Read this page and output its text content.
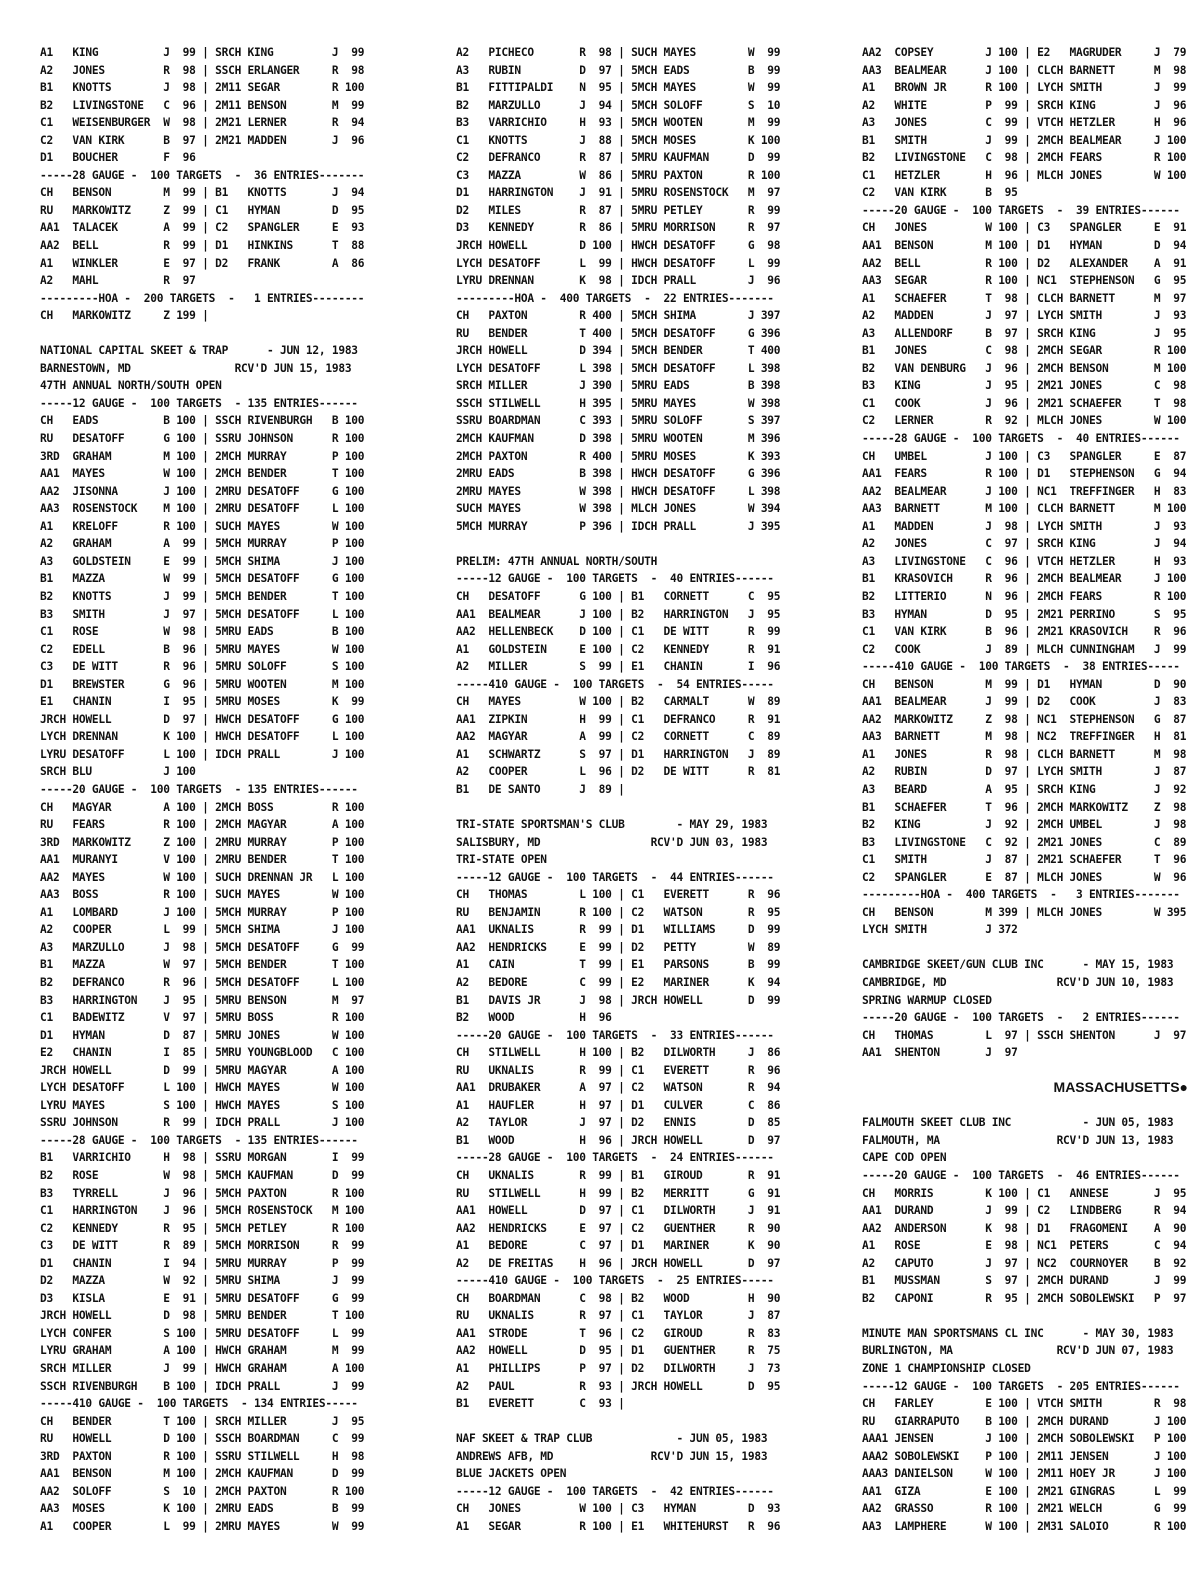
A1   KING          J  99 | SRCH KING         J  99
A2   JONES         R  98 | SSCH ERLANGER     R  98
B1   KNOTTS        J  98 | 2M11 SEGAR        R 100
B2   LIVINGSTONE   C  96 | 2M11 BENSON       M  99
C1   WEISENBURGER  W  98 | 2M21 LERNER       R  94
C2   VAN KIRK      B  97 | 2M21 MADDEN       J  96
D1   BOUCHER       F  96
-----28 GAUGE -  100 TARGETS  -  36 ENTRIES-------
CH   BENSON        M  99 | B1   KNOTTS       J  94
RU   MARKOWITZ     Z  99 | C1   HYMAN        D  95
AA1  TALACEK       A  99 | C2   SPANGLER     E  93
AA2  BELL          R  99 | D1   HINKINS      T  88
A1   WINKLER       E  97 | D2   FRANK        A  86
A2   MAHL          R  97
---------HOA -  200 TARGETS  -   1 ENTRIES--------
CH   MARKOWITZ     Z 199 |
NATIONAL CAPITAL SKEET & TRAP      - JUN 12, 1983
BARNESTOWN, MD                RCV'D JUN 15, 1983
47TH ANNUAL NORTH/SOUTH OPEN
-----12 GAUGE -  100 TARGETS  - 135 ENTRIES------
CH   EADS          B 100 | SSCH RIVENBURGH   B 100
RU   DESATOFF      G 100 | SSRU JOHNSON      R 100
3RD  GRAHAM        M 100 | 2MCH MURRAY       P 100
AA1  MAYES         W 100 | 2MCH BENDER       T 100
AA2  JISONNA       J 100 | 2MRU DESATOFF     G 100
AA3  ROSENSTOCK    M 100 | 2MRU DESATOFF     L 100
A1   KRELOFF       R 100 | SUCH MAYES        W 100
A2   GRAHAM        A  99 | 5MCH MURRAY       P 100
A3   GOLDSTEIN     E  99 | 5MCH SHIMA        J 100
B1   MAZZA         W  99 | 5MCH DESATOFF     G 100
B2   KNOTTS        J  99 | 5MCH BENDER       T 100
B3   SMITH         J  97 | 5MCH DESATOFF     L 100
C1   ROSE          W  98 | 5MRU EADS         B 100
C2   EDELL         B  96 | 5MRU MAYES        W 100
C3   DE WITT       R  96 | 5MRU SOLOFF       S 100
D1   BREWSTER      G  96 | 5MRU WOOTEN       M 100
E1   CHANIN        I  95 | 5MRU MOSES        K  99
JRCH HOWELL        D  97 | HWCH DESATOFF     G 100
LYCH DRENNAN       K 100 | HWCH DESATOFF     L 100
LYRU DESATOFF      L 100 | IDCH PRALL        J 100
SRCH BLU           J 100
-----20 GAUGE -  100 TARGETS  - 135 ENTRIES------
CH   MAGYAR        A 100 | 2MCH BOSS         R 100
RU   FEARS         R 100 | 2MCH MAGYAR       A 100
3RD  MARKOWITZ     Z 100 | 2MRU MURRAY       P 100
AA1  MURANYI       V 100 | 2MRU BENDER       T 100
AA2  MAYES         W 100 | SUCH DRENNAN JR   L 100
AA3  BOSS          R 100 | SUCH MAYES        W 100
A1   LOMBARD       J 100 | 5MCH MURRAY       P 100
A2   COOPER        L  99 | 5MCH SHIMA        J 100
A3   MARZULLO      J  98 | 5MCH DESATOFF     G  99
B1   MAZZA         W  97 | 5MCH BENDER       T 100
B2   DEFRANCO      R  96 | 5MCH DESATOFF     L 100
B3   HARRINGTON    J  95 | 5MRU BENSON       M  97
C1   BADEWITZ      V  97 | 5MRU BOSS         R 100
D1   HYMAN         D  87 | 5MRU JONES        W 100
E2   CHANIN        I  85 | 5MRU YOUNGBLOOD   C 100
JRCH HOWELL        D  99 | 5MRU MAGYAR       A 100
LYCH DESATOFF      L 100 | HWCH MAYES        W 100
LYRU MAYES         S 100 | HWCH MAYES        S 100
SSRU JOHNSON       R  99 | IDCH PRALL        J 100
-----28 GAUGE -  100 TARGETS  - 135 ENTRIES------
B1   VARRICHIO     H  98 | SSRU MORGAN       I  99
B2   ROSE          W  98 | 5MCH KAUFMAN      D  99
B3   TYRRELL       J  96 | 5MCH PAXTON       R 100
C1   HARRINGTON    J  96 | 5MCH ROSENSTOCK   M 100
C2   KENNEDY       R  95 | 5MCH PETLEY       R 100
C3   DE WITT       R  89 | 5MCH MORRISON     R  99
D1   CHANIN        I  94 | 5MRU MURRAY       P  99
D2   MAZZA         W  92 | 5MRU SHIMA        J  99
D3   KISLA         E  91 | 5MRU DESATOFF     G  99
JRCH HOWELL        D  98 | 5MRU BENDER       T 100
LYCH CONFER        S 100 | 5MRU DESATOFF     L  99
LYRU GRAHAM        A 100 | HWCH GRAHAM       M  99
SRCH MILLER        J  99 | HWCH GRAHAM       A 100
SSCH RIVENBURGH    B 100 | IDCH PRALL        J  99
-----410 GAUGE -  100 TARGETS  - 134 ENTRIES-----
CH   BENDER        T 100 | SRCH MILLER       J  95
RU   HOWELL        D 100 | SSCH BOARDMAN     C  99
3RD  PAXTON        R 100 | SSRU STILWELL     H  98
AA1  BENSON        M 100 | 2MCH KAUFMAN      D  99
AA2  SOLOFF        S  10 | 2MCH PAXTON       R 100
AA3  MOSES         K 100 | 2MRU EADS         B  99
A1   COOPER        L  99 | 2MRU MAYES        W  99
A2   PICHECO       R  98 | SUCH MAYES        W  99
A3   RUBIN         D  97 | 5MCH EADS         B  99
B1   FITTIPALDI    N  95 | 5MCH MAYES        W  99
B2   MARZULLO      J  94 | 5MCH SOLOFF       S  10
B3   VARRICHIO     H  93 | 5MCH WOOTEN       M  99
C1   KNOTTS        J  88 | 5MCH MOSES        K 100
C2   DEFRANCO      R  87 | 5MRU KAUFMAN      D  99
C3   MAZZA         W  86 | 5MRU PAXTON       R 100
D1   HARRINGTON    J  91 | 5MRU ROSENSTOCK   M  97
D2   MILES         R  87 | 5MRU PETLEY       R  99
D3   KENNEDY       R  86 | 5MRU MORRISON     R  97
JRCH HOWELL        D 100 | HWCH DESATOFF     G  98
LYCH DESATOFF      L  99 | HWCH DESATOFF     L  99
LYRU DRENNAN       K  98 | IDCH PRALL        J  96
---------HOA -  400 TARGETS  -  22 ENTRIES-------
CH   PAXTON        R 400 | 5MCH SHIMA        J 397
RU   BENDER        T 400 | 5MCH DESATOFF     G 396
JRCH HOWELL        D 394 | 5MCH BENDER       T 400
LYCH DESATOFF      L 398 | 5MCH DESATOFF     L 398
SRCH MILLER        J 390 | 5MRU EADS         B 398
SSCH STILWELL      H 395 | 5MRU MAYES        W 398
SSRU BOARDMAN      C 393 | 5MRU SOLOFF       S 397
2MCH KAUFMAN       D 398 | 5MRU WOOTEN       M 396
2MCH PAXTON        R 400 | 5MRU MOSES        K 393
2MRU EADS          B 398 | HWCH DESATOFF     G 396
2MRU MAYES         W 398 | HWCH DESATOFF     L 398
SUCH MAYES         W 398 | MLCH JONES        W 394
5MCH MURRAY        P 396 | IDCH PRALL        J 395
PRELIM: 47TH ANNUAL NORTH/SOUTH
-----12 GAUGE -  100 TARGETS  -  40 ENTRIES------
CH   DESATOFF      G 100 | B1   CORNETT      C  95
AA1  BEALMEAR      J 100 | B2   HARRINGTON   J  95
AA2  HELLENBECK    D 100 | C1   DE WITT      R  99
A1   GOLDSTEIN     E 100 | C2   KENNEDY      R  91
A2   MILLER        S  99 | E1   CHANIN       I  96
-----410 GAUGE -  100 TARGETS  -  54 ENTRIES-----
CH   MAYES         W 100 | B2   CARMALT      W  89
AA1  ZIPKIN        H  99 | C1   DEFRANCO     R  91
AA2  MAGYAR        A  99 | C2   CORNETT      C  89
A1   SCHWARTZ      S  97 | D1   HARRINGTON   J  89
A2   COOPER        L  96 | D2   DE WITT      R  81
B1   DE SANTO      J  89 |
TRI-STATE SPORTSMAN'S CLUB        - MAY 29, 1983
SALISBURY, MD                 RCV'D JUN 03, 1983
TRI-STATE OPEN
-----12 GAUGE -  100 TARGETS  -  44 ENTRIES------
CH   THOMAS        L 100 | C1   EVERETT      R  96
RU   BENJAMIN      R 100 | C2   WATSON       R  95
AA1  UKNALIS       R  99 | D1   WILLIAMS     D  99
AA2  HENDRICKS     E  99 | D2   PETTY        W  89
A1   CAIN          T  99 | E1   PARSONS      B  99
A2   BEDORE        C  99 | E2   MARINER      K  94
B1   DAVIS JR      J  98 | JRCH HOWELL       D  99
B2   WOOD          H  96
-----20 GAUGE -  100 TARGETS  -  33 ENTRIES------
CH   STILWELL      H 100 | B2   DILWORTH     J  86
RU   UKNALIS       R  99 | C1   EVERETT      R  96
AA1  DRUBAKER      A  97 | C2   WATSON       R  94
A1   HAUFLER       H  97 | D1   CULVER       C  86
A2   TAYLOR        J  97 | D2   ENNIS        D  85
B1   WOOD          H  96 | JRCH HOWELL       D  97
-----28 GAUGE -  100 TARGETS  -  24 ENTRIES------
CH   UKNALIS       R  99 | B1   GIROUD       R  91
RU   STILWELL      H  99 | B2   MERRITT      G  91
AA1  HOWELL        D  97 | C1   DILWORTH     J  91
AA2  HENDRICKS     E  97 | C2   GUENTHER     R  90
A1   BEDORE        C  97 | D1   MARINER      K  90
A2   DE FREITAS    H  96 | JRCH HOWELL       D  97
-----410 GAUGE -  100 TARGETS  -  25 ENTRIES-----
CH   BOARDMAN      C  98 | B2   WOOD         H  90
RU   UKNALIS       R  97 | C1   TAYLOR       J  87
AA1  STRODE        T  96 | C2   GIROUD       R  83
AA2  HOWELL        D  95 | D1   GUENTHER     R  75
A1   PHILLIPS      P  97 | D2   DILWORTH     J  73
A2   PAUL          R  93 | JRCH HOWELL       D  95
B1   EVERETT       C  93 |
NAF SKEET & TRAP CLUB             - JUN 05, 1983
ANDREWS AFB, MD               RCV'D JUN 15, 1983
BLUE JACKETS OPEN
-----12 GAUGE -  100 TARGETS  -  42 ENTRIES------
CH   JONES         W 100 | C3   HYMAN        D  93
A1   SEGAR         R 100 | E1   WHITEHURST   R  96
AA2  COPSEY        J 100 | E2   MAGRUDER     J  79
AA3  BEALMEAR      J 100 | CLCH BARNETT      M  98
A1   BROWN JR      R 100 | LYCH SMITH        J  99
A2   WHITE         P  99 | SRCH KING         J  96
A3   JONES         C  99 | VTCH HETZLER      H  96
B1   SMITH         J  99 | 2MCH BEALMEAR     J 100
B2   LIVINGSTONE   C  98 | 2MCH FEARS        R 100
C1   HETZLER       H  96 | MLCH JONES        W 100
C2   VAN KIRK      B  95
-----20 GAUGE -  100 TARGETS  -  39 ENTRIES------
CH   JONES         W 100 | C3   SPANGLER     E  91
AA1  BENSON        M 100 | D1   HYMAN        D  94
AA2  BELL          R 100 | D2   ALEXANDER    A  91
AA3  SEGAR         R 100 | NC1  STEPHENSON   G  95
A1   SCHAEFER      T  98 | CLCH BARNETT      M  97
A2   MADDEN        J  97 | LYCH SMITH        J  93
A3   ALLENDORF     B  97 | SRCH KING         J  95
B1   JONES         C  98 | 2MCH SEGAR        R 100
B2   VAN DENBURG   J  96 | 2MCH BENSON       M 100
B3   KING          J  95 | 2M21 JONES        C  98
C1   COOK          J  96 | 2M21 SCHAEFER     T  98
C2   LERNER        R  92 | MLCH JONES        W 100
-----28 GAUGE -  100 TARGETS  -  40 ENTRIES------
CH   UMBEL         J 100 | C3   SPANGLER     E  87
AA1  FEARS         R 100 | D1   STEPHENSON   G  94
AA2  BEALMEAR      J 100 | NC1  TREFFINGER   H  83
AA3  BARNETT       M 100 | CLCH BARNETT      M 100
A1   MADDEN        J  98 | LYCH SMITH        J  93
A2   JONES         C  97 | SRCH KING         J  94
A3   LIVINGSTONE   C  96 | VTCH HETZLER      H  93
B1   KRASOVICH     R  96 | 2MCH BEALMEAR     J 100
B2   LITTERIO      N  96 | 2MCH FEARS        R 100
B3   HYMAN         D  95 | 2M21 PERRINO      S  95
C1   VAN KIRK      B  96 | 2M21 KRASOVICH    R  96
C2   COOK          J  89 | MLCH CUNNINGHAM   J  99
-----410 GAUGE -  100 TARGETS  -  38 ENTRIES-----
CH   BENSON        M  99 | D1   HYMAN        D  90
AA1  BEALMEAR      J  99 | D2   COOK         J  83
AA2  MARKOWITZ     Z  98 | NC1  STEPHENSON   G  87
AA3  BARNETT       M  98 | NC2  TREFFINGER   H  81
A1   JONES         R  98 | CLCH BARNETT      M  98
A2   RUBIN         D  97 | LYCH SMITH        J  87
A3   BEARD         A  95 | SRCH KING         J  92
B1   SCHAEFER      T  96 | 2MCH MARKOWITZ    Z  98
B2   KING          J  92 | 2MCH UMBEL        J  98
B3   LIVINGSTONE   C  92 | 2M21 JONES        C  89
C1   SMITH         J  87 | 2M21 SCHAEFER     T  96
C2   SPANGLER      E  87 | MLCH JONES        W  96
---------HOA -  400 TARGETS  -   3 ENTRIES-------
CH   BENSON        M 399 | MLCH JONES        W 395
LYCH SMITH         J 372
CAMBRIDGE SKEET/GUN CLUB INC      - MAY 15, 1983
CAMBRIDGE, MD                 RCV'D JUN 10, 1983
SPRING WARMUP CLOSED
-----20 GAUGE -  100 TARGETS  -   2 ENTRIES------
CH   THOMAS        L  97 | SSCH SHENTON      J  97
AA1  SHENTON       J  97
MASSACHUSETTS●
FALMOUTH SKEET CLUB INC           - JUN 05, 1983
FALMOUTH, MA                  RCV'D JUN 13, 1983
CAPE COD OPEN
-----20 GAUGE -  100 TARGETS  -  46 ENTRIES------
CH   MORRIS        K 100 | C1   ANNESE       J  95
AA1  DURAND        J  99 | C2   LINDBERG     R  94
AA2  ANDERSON      K  98 | D1   FRAGOMENI    A  90
A1   ROSE          E  98 | NC1  PETERS       C  94
A2   CAPUTO        J  97 | NC2  COURNOYER    B  92
B1   MUSSMAN       S  97 | 2MCH DURAND       J  99
B2   CAPONI        R  95 | 2MCH SOBOLEWSKI   P  97
MINUTE MAN SPORTSMANS CL INC      - MAY 30, 1983
BURLINGTON, MA                RCV'D JUN 07, 1983
ZONE 1 CHAMPIONSHIP CLOSED
-----12 GAUGE -  100 TARGETS  - 205 ENTRIES------
CH   FARLEY        E 100 | VTCH SMITH        R  98
RU   GIARRAPUTO    B 100 | 2MCH DURAND       J 100
AAA1 JENSEN        J 100 | 2MCH SOBOLEWSKI   P 100
AAA2 SOBOLEWSKI    P 100 | 2M11 JENSEN       J 100
AAA3 DANIELSON     W 100 | 2M11 HOEY JR      J 100
AA1  GIZA          E 100 | 2M21 GINGRAS      L  99
AA2  GRASSO        R 100 | 2M21 WELCH        G  99
AA3  LAMPHERE      W 100 | 2M31 SALOIO       R 100
